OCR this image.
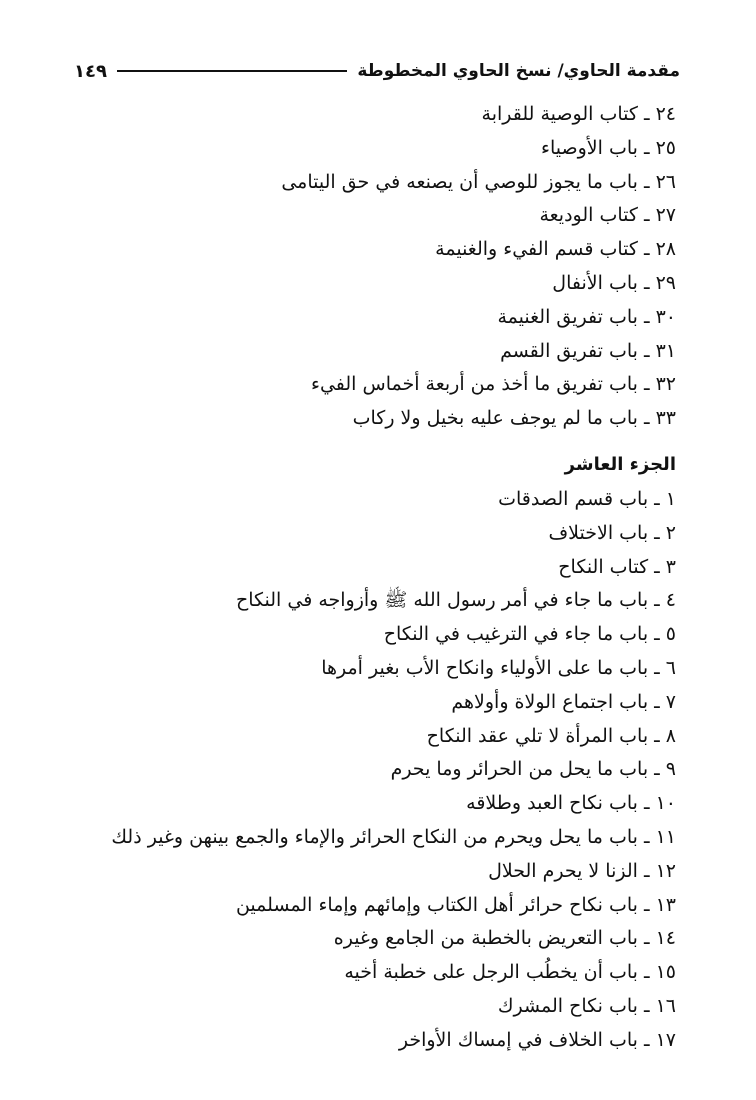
مقدمة الحاوي/ نسخ الحاوي المخطوطة
١٤٩
٢٤ ـ كتاب الوصية للقرابة
٢٥ ـ باب الأوصياء
٢٦ ـ باب ما يجوز للوصي أن يصنعه في حق اليتامى
٢٧ ـ كتاب الوديعة
٢٨ ـ كتاب قسم الفيء والغنيمة
٢٩ ـ باب الأنفال
٣٠ ـ باب تفريق الغنيمة
٣١ ـ باب تفريق القسم
٣٢ ـ باب تفريق ما أخذ من أربعة أخماس الفيء
٣٣ ـ باب ما لم يوجف عليه بخيل ولا ركاب
الجزء العاشر
١ ـ باب قسم الصدقات
٢ ـ باب الاختلاف
٣ ـ كتاب النكاح
٤ ـ باب ما جاء في أمر رسول الله ﷺ وأزواجه في النكاح
٥ ـ باب ما جاء في الترغيب في النكاح
٦ ـ باب ما على الأولياء وانكاح الأب بغير أمرها
٧ ـ باب اجتماع الولاة وأولاهم
٨ ـ باب المرأة لا تلي عقد النكاح
٩ ـ باب ما يحل من الحرائر وما يحرم
١٠ ـ باب نكاح العبد وطلاقه
١١ ـ باب ما يحل ويحرم من النكاح الحرائر والإماء والجمع بينهن وغير ذلك
١٢ ـ الزنا لا يحرم الحلال
١٣ ـ باب نكاح حرائر أهل الكتاب وإمائهم وإماء المسلمين
١٤ ـ باب التعريض بالخطبة من الجامع وغيره
١٥ ـ باب أن يخطُب الرجل على خطبة أخيه
١٦ ـ باب نكاح المشرك
١٧ ـ باب الخلاف في إمساك الأواخر
